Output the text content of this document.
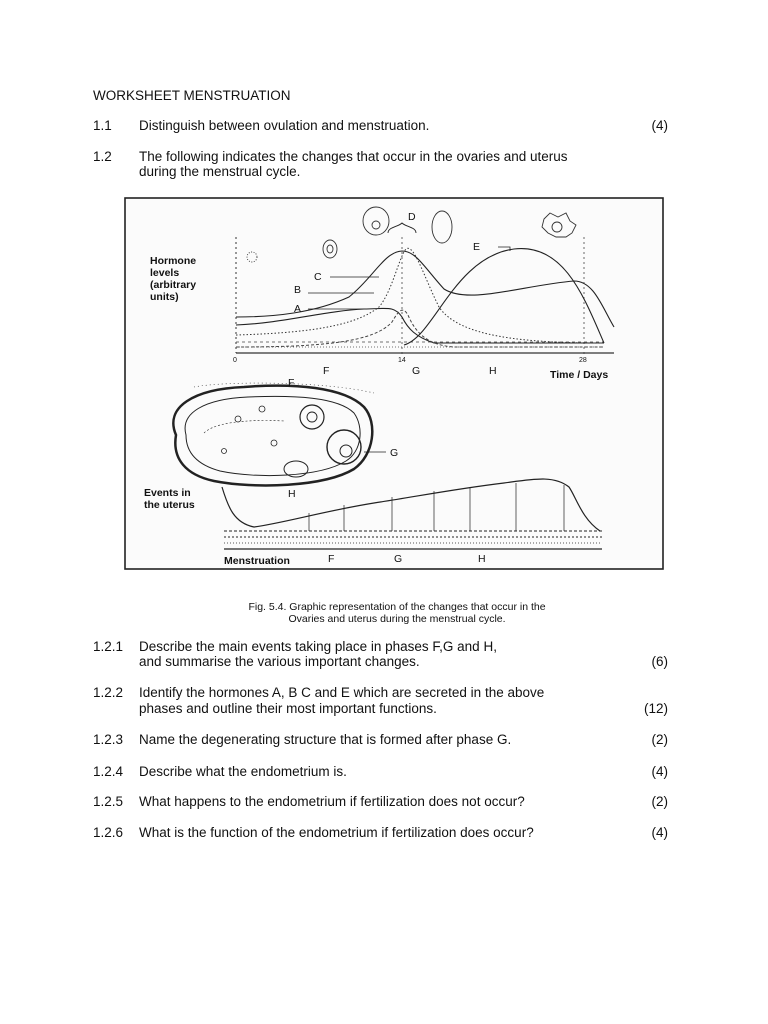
WORKSHEET MENSTRUATION
1.1 Distinguish between ovulation and menstruation.	(4)
1.2 The following indicates the changes that occur in the ovaries and uterus
during the menstrual cycle.
Hormone
levels
(arbitrary
units)
A
B
C
D
E
0	14	28
F	G	H	Time / Days
F
G
H
Events in
the uterus
Menstruation	F	G	H
Fig. 5.4. Graphic representation of the changes that occur in the
Ovaries and uterus during the menstrual cycle.
1.2.1 Describe the main events taking place in phases F,G and H,
and summarise the various important changes.	(6)
1.2.2 Identify the hormones A, B C and E which are secreted in the above
phases and outline their most important functions.	(12)
1.2.3 Name the degenerating structure that is formed after phase G.	(2)
1.2.4 Describe what the endometrium is.	(4)
1.2.5 What happens to the endometrium if fertilization does not occur?	(2)
1.2.6 What is the function of the endometrium if fertilization does occur?	(4)
